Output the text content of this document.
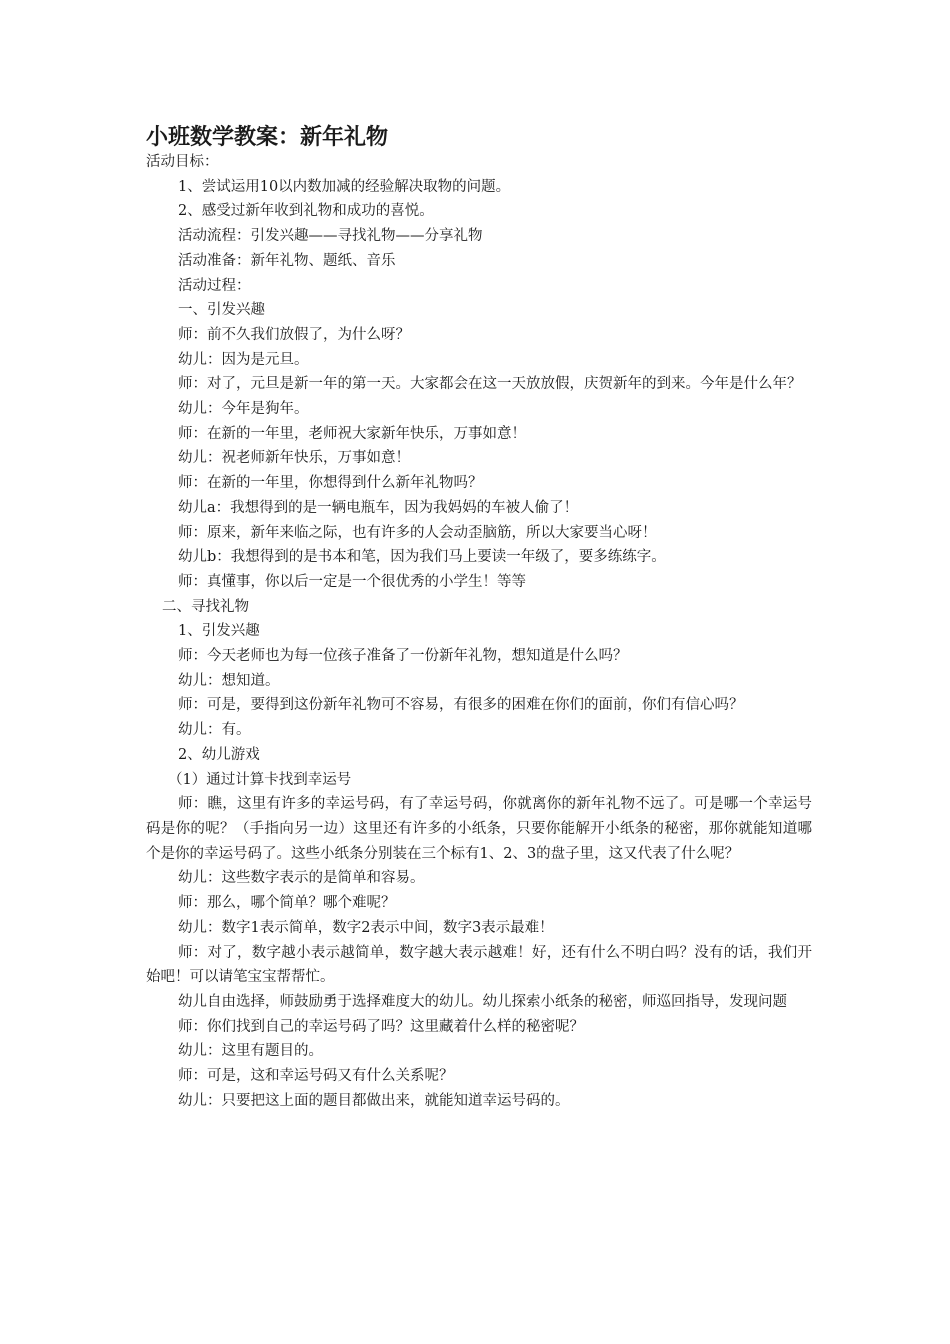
小班数学教案：新年礼物

活动目标：

1、尝试运用10以内数加减的经验解决取物的问题。

2、感受过新年收到礼物和成功的喜悦。

活动流程：引发兴趣——寻找礼物——分享礼物

活动准备：新年礼物、题纸、音乐

活动过程：

一、引发兴趣

师：前不久我们放假了，为什么呀？

幼儿：因为是元旦。

师：对了，元旦是新一年的第一天。大家都会在这一天放放假，庆贺新年的到来。今年是什么年？

幼儿：今年是狗年。

师：在新的一年里，老师祝大家新年快乐，万事如意！

幼儿：祝老师新年快乐，万事如意！

师：在新的一年里，你想得到什么新年礼物吗？

幼儿a：我想得到的是一辆电瓶车，因为我妈妈的车被人偷了！

师：原来，新年来临之际，也有许多的人会动歪脑筋，所以大家要当心呀！

幼儿b：我想得到的是书本和笔，因为我们马上要读一年级了，要多练练字。

师：真懂事，你以后一定是一个很优秀的小学生！等等

二、寻找礼物

1、引发兴趣

师：今天老师也为每一位孩子准备了一份新年礼物，想知道是什么吗？

幼儿：想知道。

师：可是，要得到这份新年礼物可不容易，有很多的困难在你们的面前，你们有信心吗？

幼儿：有。

2、幼儿游戏

（1）通过计算卡找到幸运号

师：瞧，这里有许多的幸运号码，有了幸运号码，你就离你的新年礼物不远了。可是哪一个幸运号码是你的呢？（手指向另一边）这里还有许多的小纸条，只要你能解开小纸条的秘密，那你就能知道哪个是你的幸运号码了。这些小纸条分别装在三个标有1、2、3的盘子里，这又代表了什么呢？

幼儿：这些数字表示的是简单和容易。

师：那么，哪个简单？哪个难呢？

幼儿：数字1表示简单，数字2表示中间，数字3表示最难！

师：对了，数字越小表示越简单，数字越大表示越难！好，还有什么不明白吗？没有的话，我们开始吧！可以请笔宝宝帮帮忙。

幼儿自由选择，师鼓励勇于选择难度大的幼儿。幼儿探索小纸条的秘密，师巡回指导，发现问题

师：你们找到自己的幸运号码了吗？这里藏着什么样的秘密呢？

幼儿：这里有题目的。

师：可是，这和幸运号码又有什么关系呢？

幼儿：只要把这上面的题目都做出来，就能知道幸运号码的。
